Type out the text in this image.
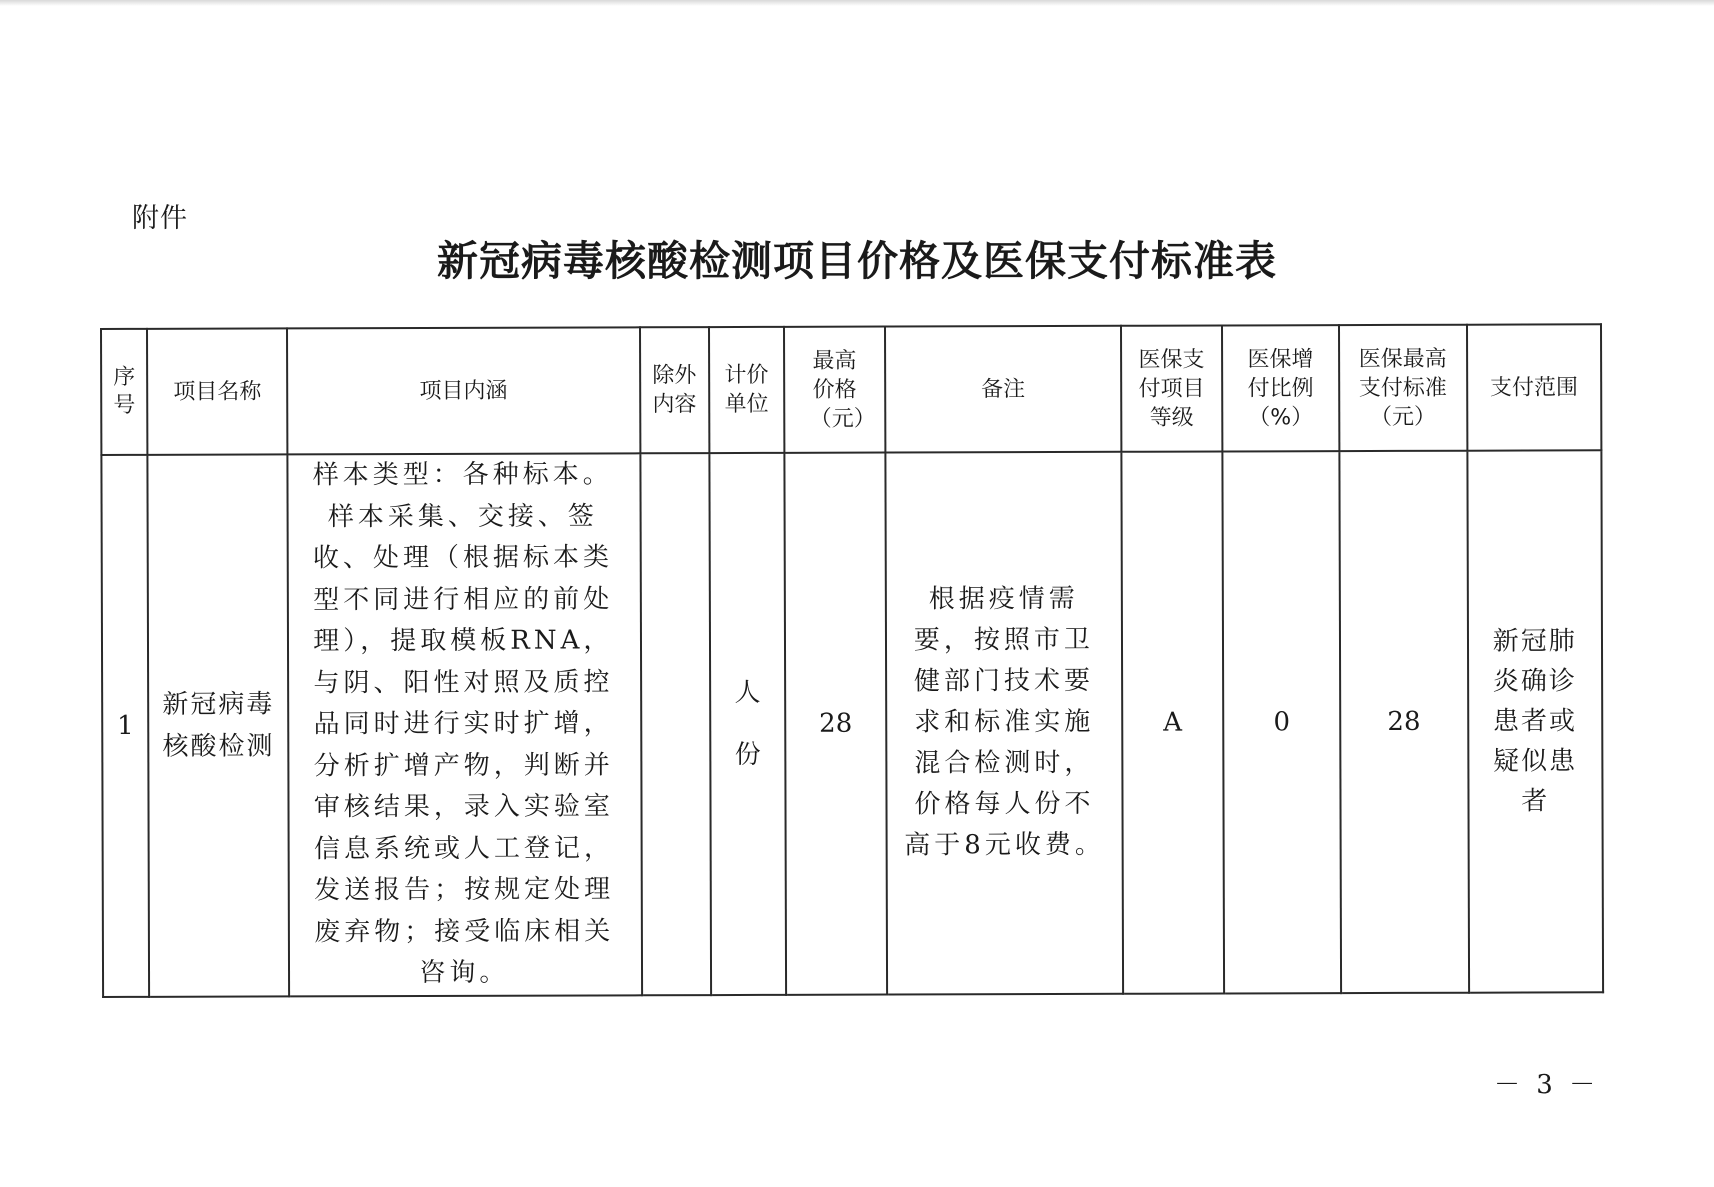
附件
新冠病毒核酸检测项目价格及医保支付标准表
序号	项目名称	项目内涵	除外内容	计价单位	最高价格（元）	备注	医保支付项目等级	医保增付比例（%）	医保最高支付标准（元）	支付范围
1	新冠病毒核酸检测	样本类型：各种标本。样本采集、交接、签收、处理（根据标本类型不同进行相应的前处理），提取模板RNA，与阴、阳性对照及质控品同时进行实时扩增，分析扩增产物，判断并审核结果，录入实验室信息系统或人工登记，发送报告；按规定处理废弃物；接受临床相关咨询。		人份	28	根据疫情需要，按照市卫健部门技术要求和标准实施混合检测时，价格每人份不高于8元收费。	A	0	28	新冠肺炎确诊患者或疑似患者
－ 3 －
